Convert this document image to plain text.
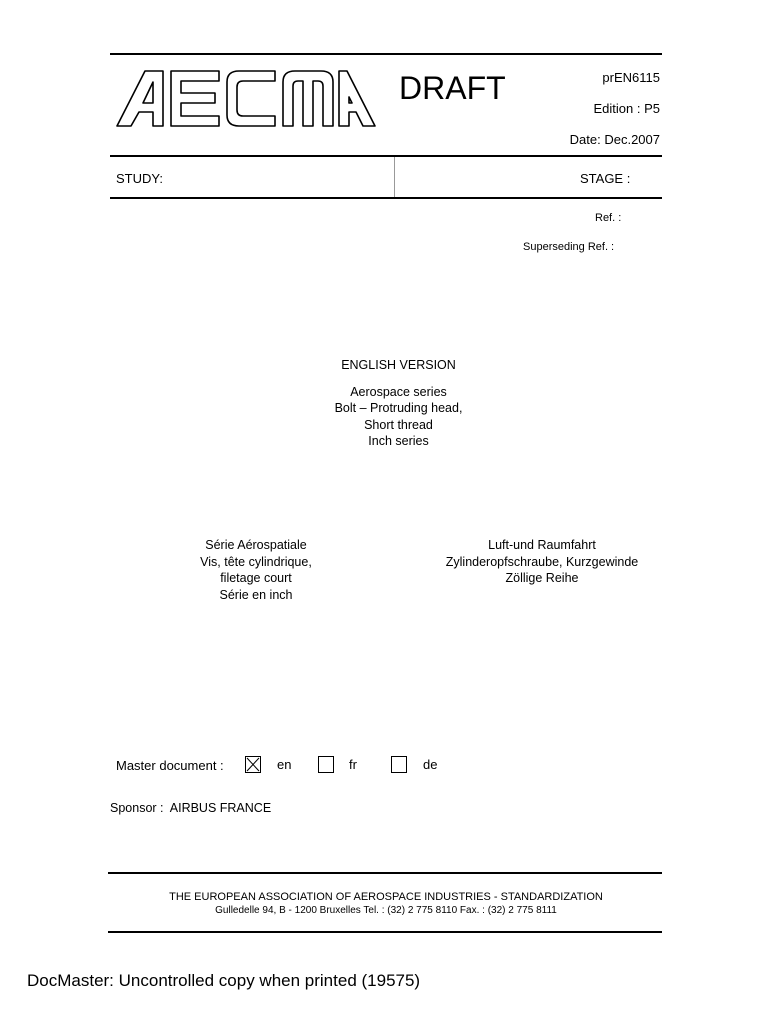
DRAFT	prEN6115
Edition : P5
Date: Dec.2007
STUDY:	STAGE :
Ref. :
Superseding Ref. :
ENGLISH VERSION
Aerospace series
Bolt – Protruding head,
Short thread
Inch series
Série Aérospatiale
Vis, tête cylindrique,
filetage court
Série en inch
Luft-und Raumfahrt
Zylinderopfschraube, Kurzgewinde
Zöllige Reihe
Master document :	en	fr	de
Sponsor :  AIRBUS FRANCE
THE EUROPEAN ASSOCIATION OF AEROSPACE INDUSTRIES - STANDARDIZATION
Gulledelle 94, B - 1200 Bruxelles Tel. : (32) 2 775 8110 Fax. : (32) 2 775 8111
DocMaster: Uncontrolled copy when printed (19575)
